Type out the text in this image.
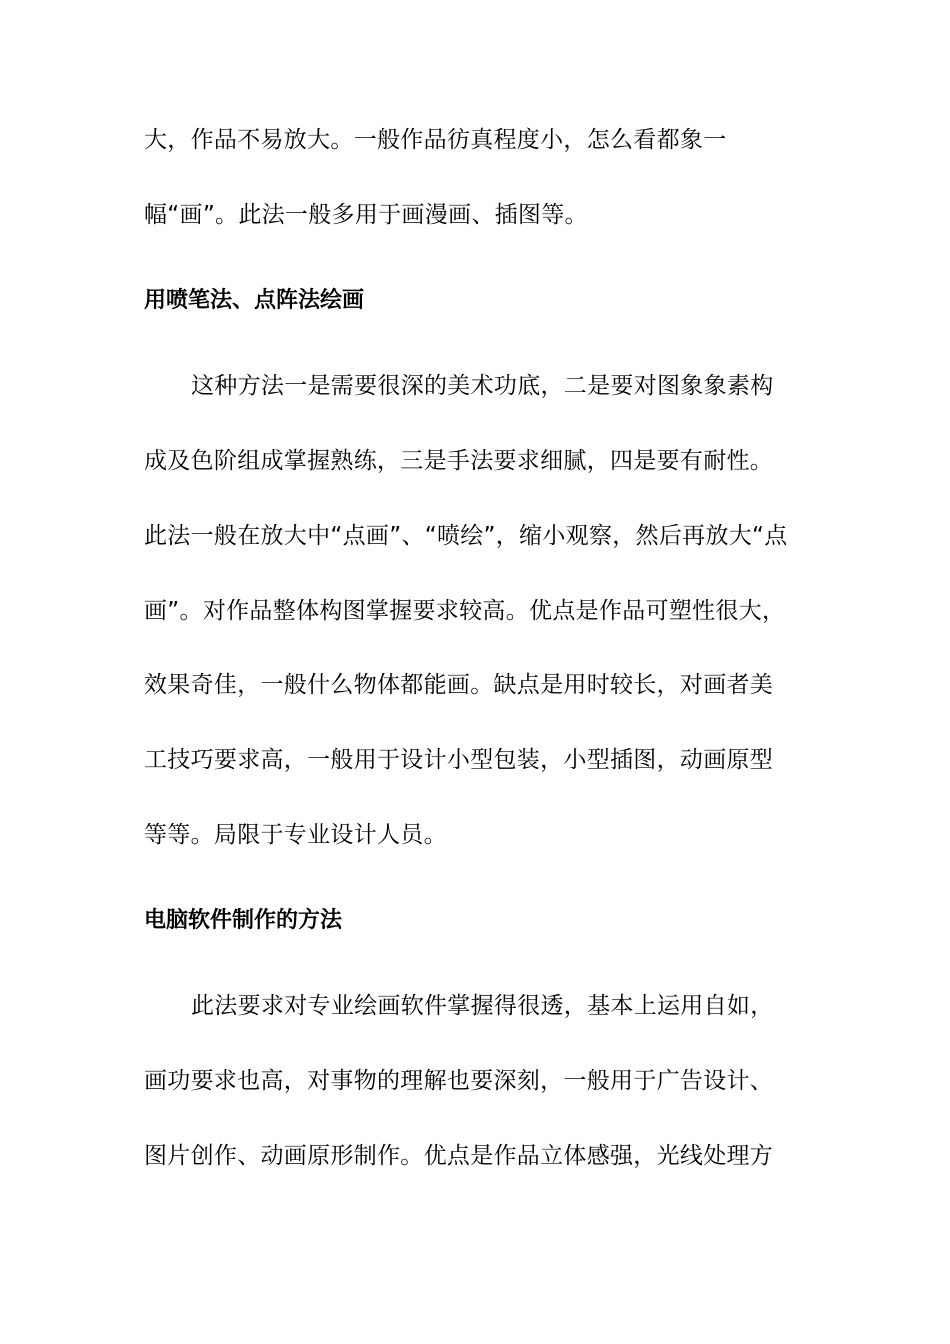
大，作品不易放大。一般作品彷真程度小，怎么看都象一
幅“画”。此法一般多用于画漫画、插图等。
用喷笔法、点阵法绘画
这种方法一是需要很深的美术功底，二是要对图象象素构
成及色阶组成掌握熟练，三是手法要求细腻，四是要有耐性。
此法一般在放大中“点画”、“喷绘”，缩小观察，然后再放大“点
画”。对作品整体构图掌握要求较高。优点是作品可塑性很大，
效果奇佳，一般什么物体都能画。缺点是用时较长，对画者美
工技巧要求高，一般用于设计小型包装，小型插图，动画原型
等等。局限于专业设计人员。
电脑软件制作的方法
此法要求对专业绘画软件掌握得很透，基本上运用自如，
画功要求也高，对事物的理解也要深刻，一般用于广告设计、
图片创作、动画原形制作。优点是作品立体感强，光线处理方
